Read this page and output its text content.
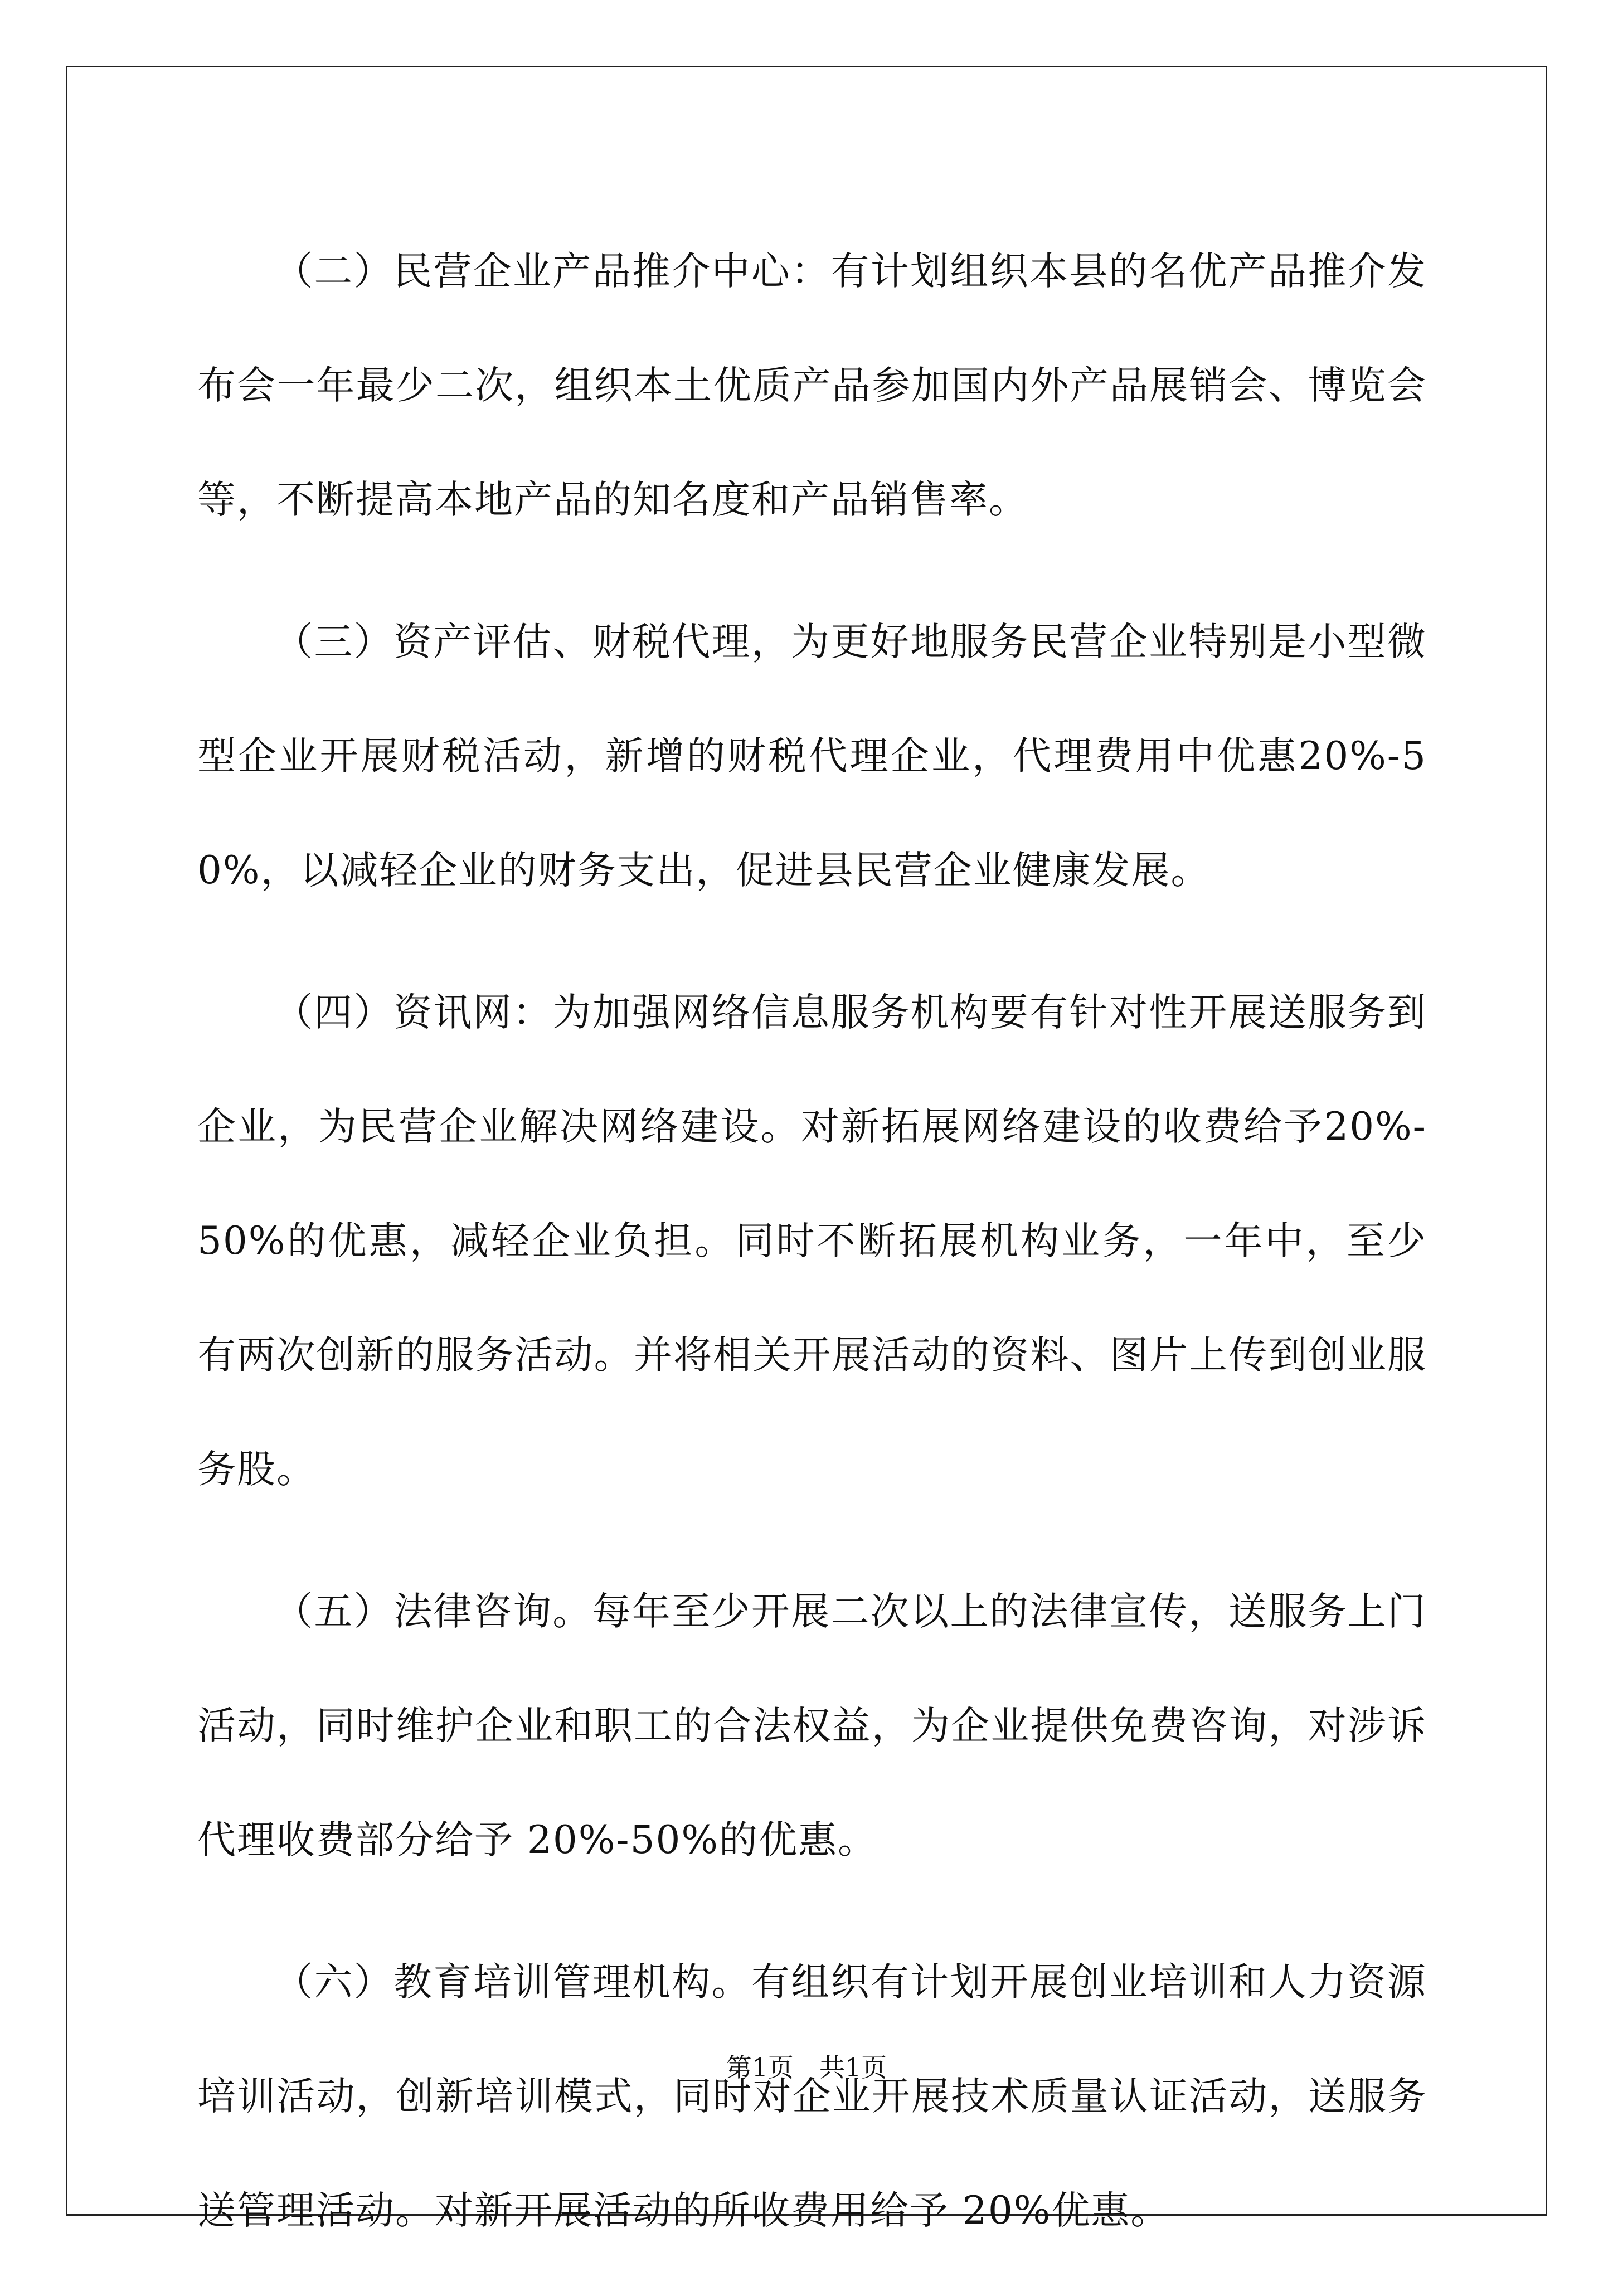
（二）民营企业产品推介中心：有计划组织本县的名优产品推介发布会一年最少二次，组织本土优质产品参加国内外产品展销会、博览会等，不断提高本地产品的知名度和产品销售率。

（三）资产评估、财税代理，为更好地服务民营企业特别是小型微型企业开展财税活动，新增的财税代理企业，代理费用中优惠20%-50%，以减轻企业的财务支出，促进县民营企业健康发展。

（四）资讯网：为加强网络信息服务机构要有针对性开展送服务到企业，为民营企业解决网络建设。对新拓展网络建设的收费给予20%-50%的优惠，减轻企业负担。同时不断拓展机构业务，一年中，至少有两次创新的服务活动。并将相关开展活动的资料、图片上传到创业服务股。

（五）法律咨询。每年至少开展二次以上的法律宣传，送服务上门活动，同时维护企业和职工的合法权益，为企业提供免费咨询，对涉诉代理收费部分给予 20%-50%的优惠。

（六）教育培训管理机构。有组织有计划开展创业培训和人力资源培训活动，创新培训模式，同时对企业开展技术质量认证活动，送服务送管理活动。对新开展活动的所收费用给予 20%优惠。

第1页　共1页
